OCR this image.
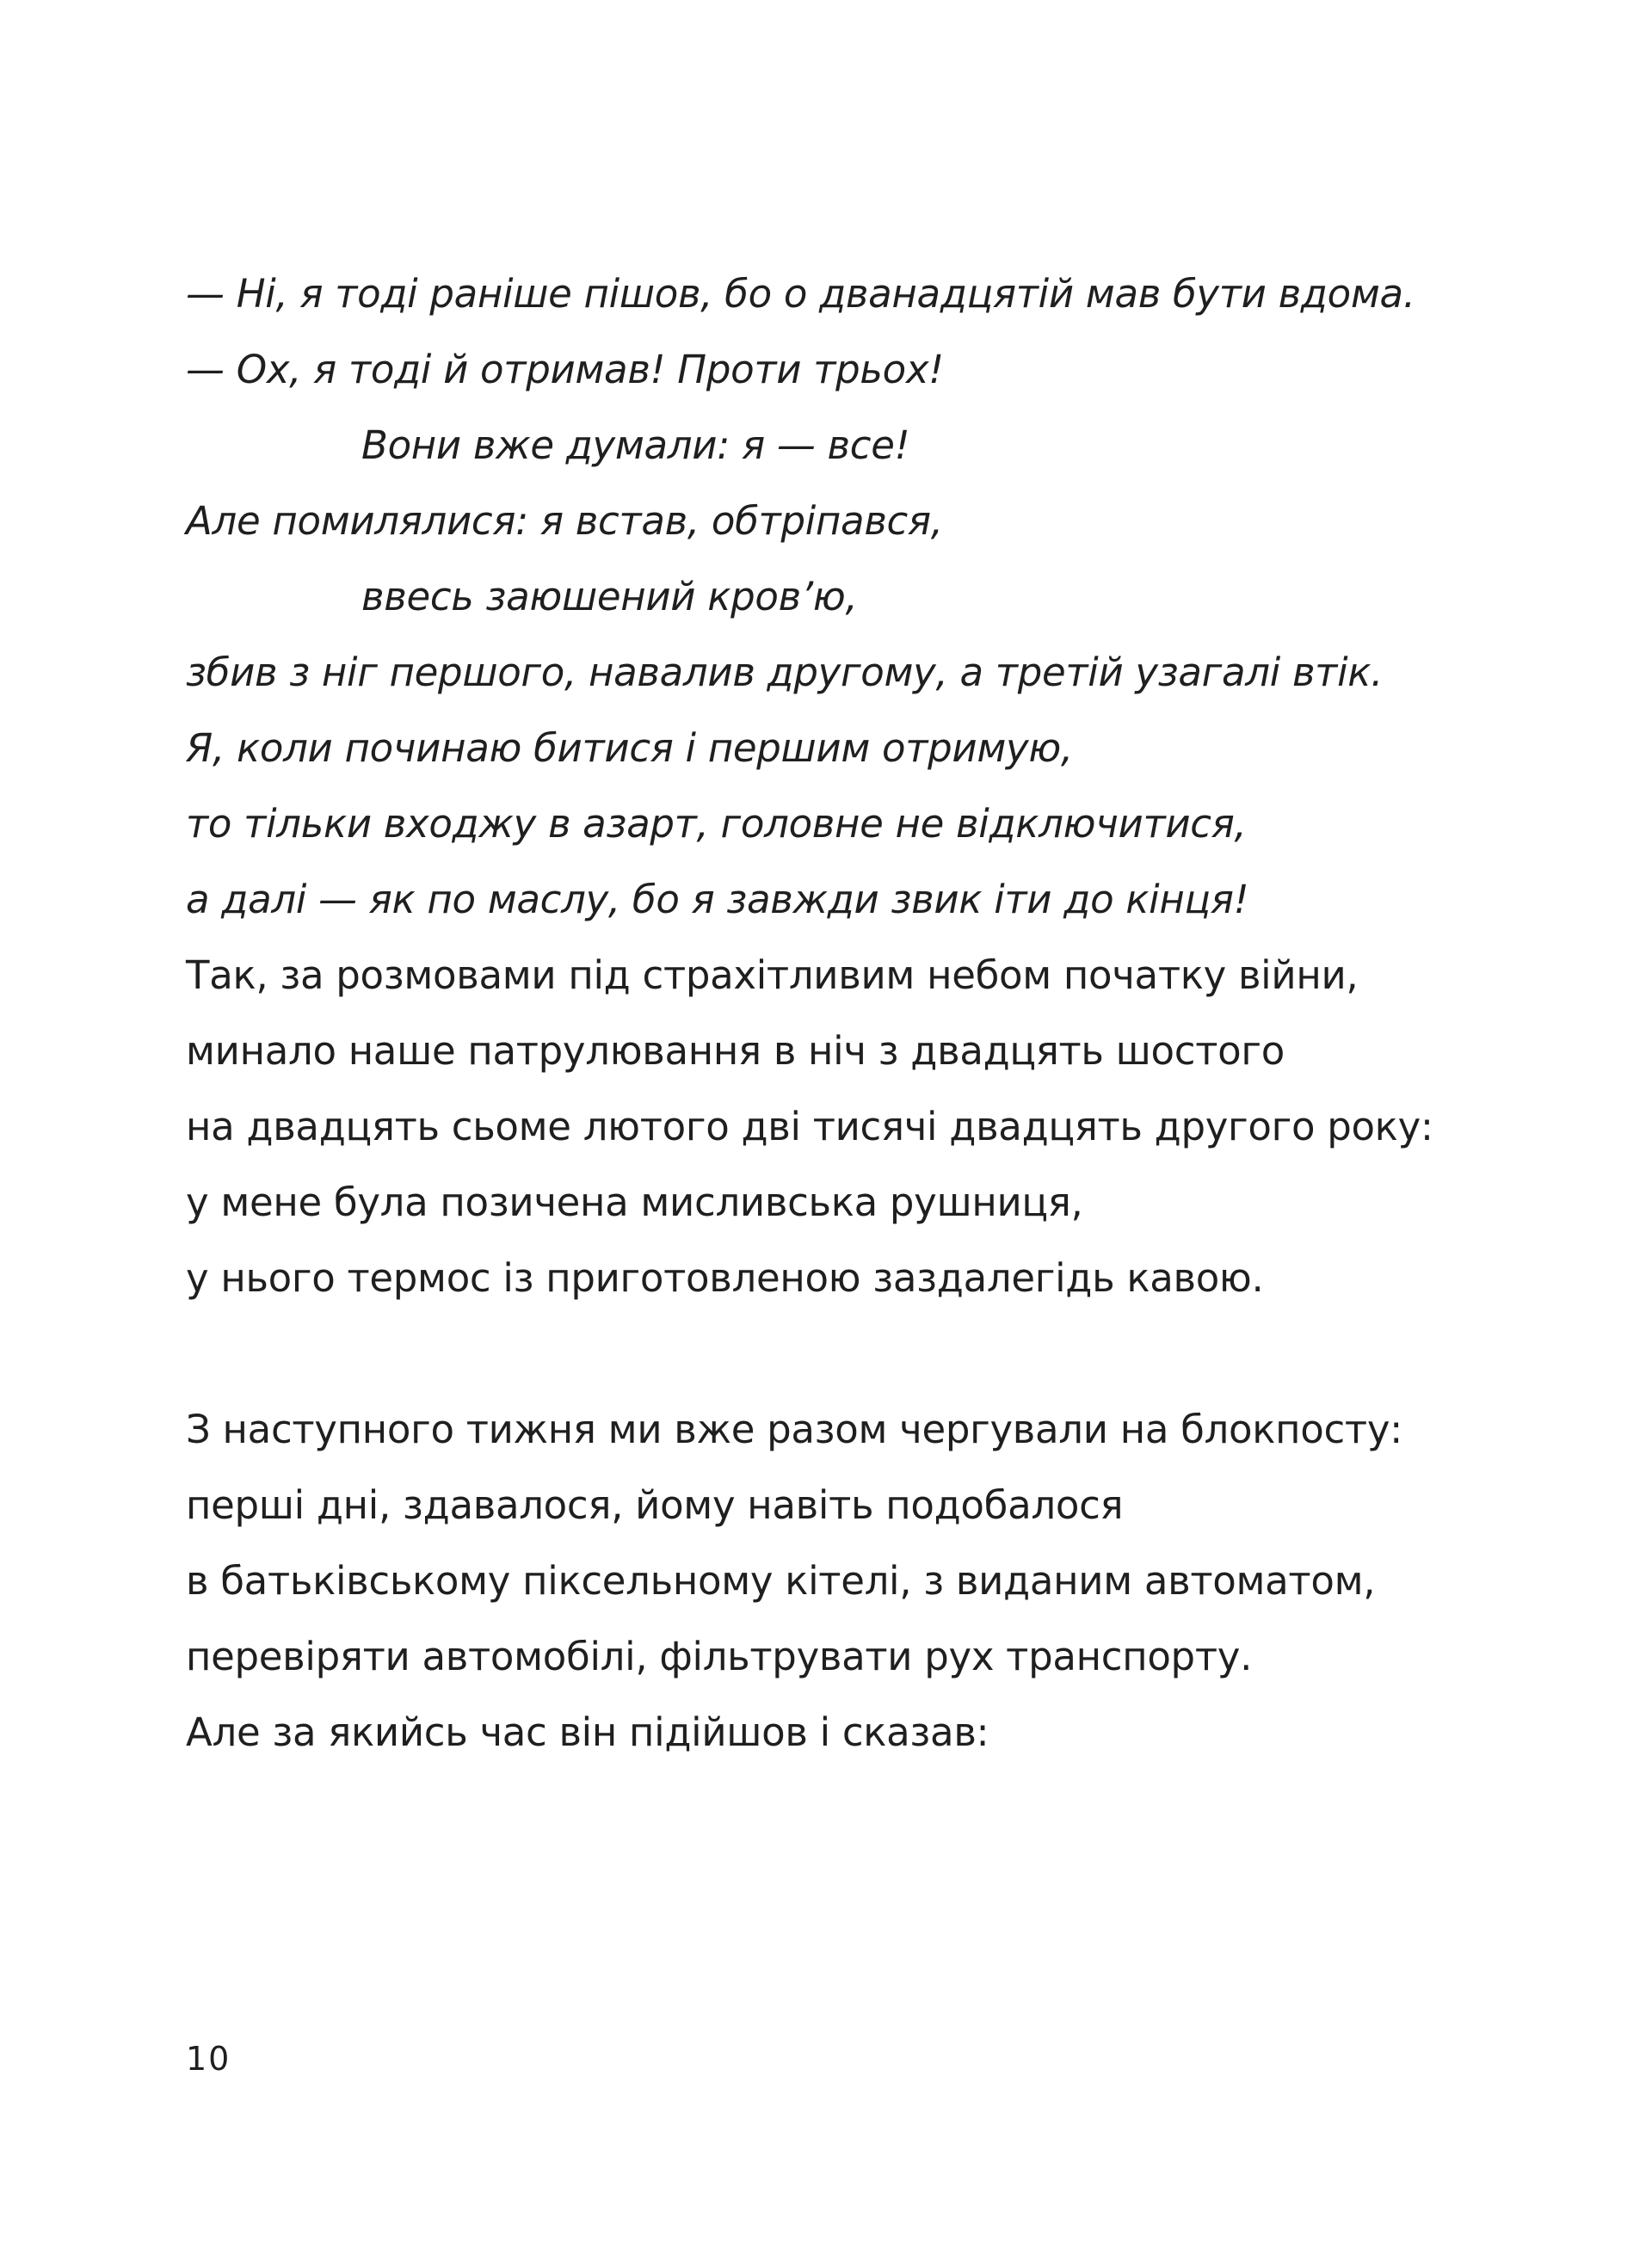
— Ні, я тоді раніше пішов, бо о дванадцятій мав бути вдома.
— Ох, я тоді й отримав! Проти трьох!
Вони вже думали: я — все!
Але помилялися: я встав, обтріпався,
ввесь заюшений кров’ю,
збив з ніг першого, навалив другому, а третій узагалі втік.
Я, коли починаю битися і першим отримую,
то тільки входжу в азарт, головне не відключитися,
а далі — як по маслу, бо я завжди звик іти до кінця!
Так, за розмовами під страхітливим небом початку війни,
минало наше патрулювання в ніч з двадцять шостого
на двадцять сьоме лютого дві тисячі двадцять другого року:
у мене була позичена мисливська рушниця,
у нього термос із приготовленою заздалегідь кавою.
З наступного тижня ми вже разом чергували на блокпосту:
перші дні, здавалося, йому навіть подобалося
в батьківському піксельному кітелі, з виданим автоматом,
перевіряти автомобілі, фільтрувати рух транспорту.
Але за якийсь час він підійшов і сказав:
10
